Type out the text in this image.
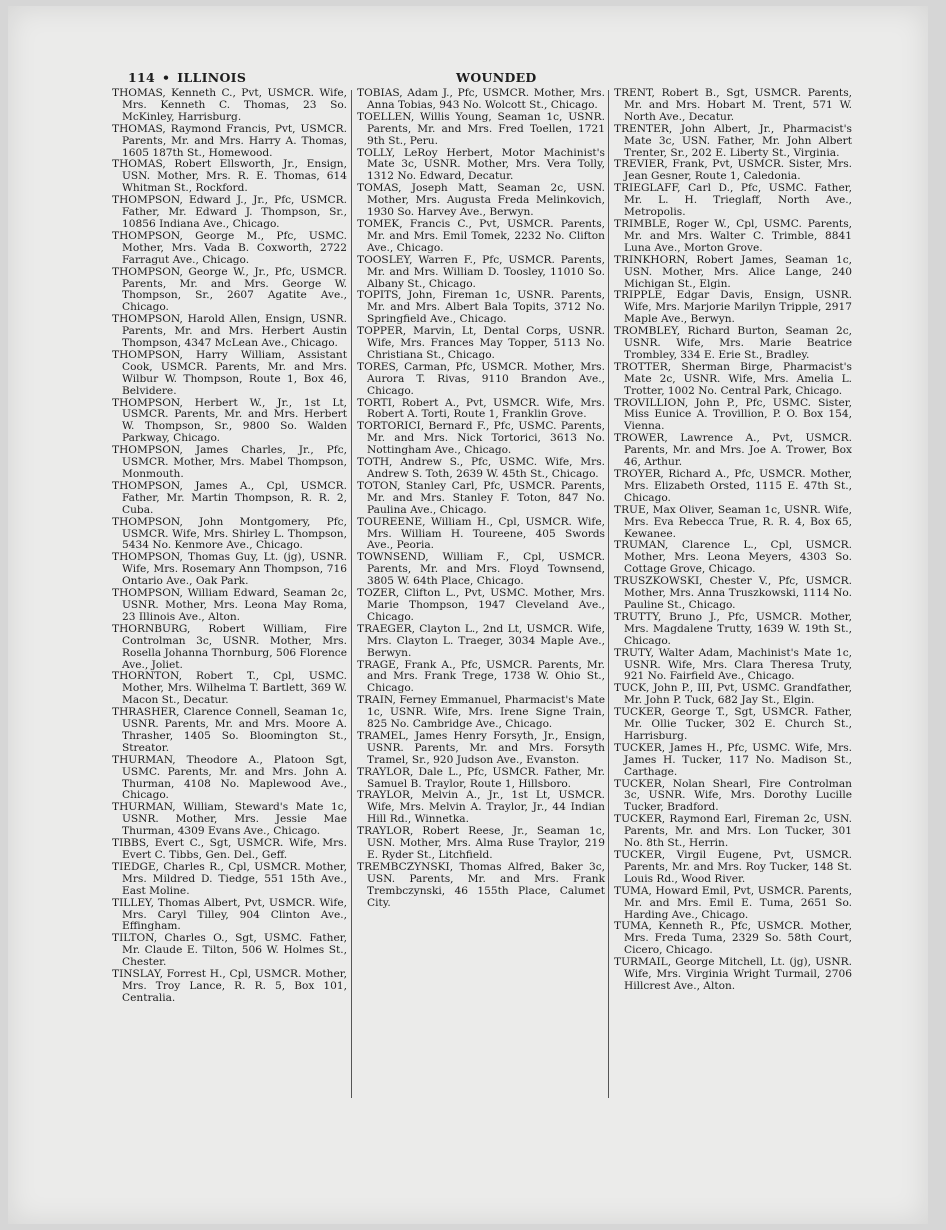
114 • ILLINOIS	WOUNDED

THOMAS, Kenneth C., Pvt, USMCR. Wife, Mrs. Kenneth C. Thomas, 23 So. McKinley, Harrisburg.

THOMAS, Raymond Francis, Pvt, USMCR. Parents, Mr. and Mrs. Harry A. Thomas, 1605 187th St., Homewood.

THOMAS, Robert Ellsworth, Jr., Ensign, USN. Mother, Mrs. R. E. Thomas, 614 Whitman St., Rockford.

THOMPSON, Edward J., Jr., Pfc, USMCR. Father, Mr. Edward J. Thompson, Sr., 10856 Indiana Ave., Chicago.

THOMPSON, George M., Pfc, USMC. Mother, Mrs. Vada B. Coxworth, 2722 Farragut Ave., Chicago.

THOMPSON, George W., Jr., Pfc, USMCR. Parents, Mr. and Mrs. George W. Thompson, Sr., 2607 Agatite Ave., Chicago.

THOMPSON, Harold Allen, Ensign, USNR. Parents, Mr. and Mrs. Herbert Austin Thompson, 4347 McLean Ave., Chicago.

THOMPSON, Harry William, Assistant Cook, USMCR. Parents, Mr. and Mrs. Wilbur W. Thompson, Route 1, Box 46, Belvidere.

THOMPSON, Herbert W., Jr., 1st Lt, USMCR. Parents, Mr. and Mrs. Herbert W. Thompson, Sr., 9800 So. Walden Parkway, Chicago.

THOMPSON, James Charles, Jr., Pfc, USMCR. Mother, Mrs. Mabel Thompson, Monmouth.

THOMPSON, James A., Cpl, USMCR. Father, Mr. Martin Thompson, R. R. 2, Cuba.

THOMPSON, John Montgomery, Pfc, USMCR. Wife, Mrs. Shirley L. Thompson, 5434 No. Kenmore Ave., Chicago.

THOMPSON, Thomas Guy, Lt. (jg), USNR. Wife, Mrs. Rosemary Ann Thompson, 716 Ontario Ave., Oak Park.

THOMPSON, William Edward, Seaman 2c, USNR. Mother, Mrs. Leona May Roma, 23 Illinois Ave., Alton.

THORNBURG, Robert William, Fire Controlman 3c, USNR. Mother, Mrs. Rosella Johanna Thornburg, 506 Florence Ave., Joliet.

THORNTON, Robert T., Cpl, USMC. Mother, Mrs. Wilhelma T. Bartlett, 369 W. Macon St., Decatur.

THRASHER, Clarence Connell, Seaman 1c, USNR. Parents, Mr. and Mrs. Moore A. Thrasher, 1405 So. Bloomington St., Streator.

THURMAN, Theodore A., Platoon Sgt, USMC. Parents, Mr. and Mrs. John A. Thurman, 4108 No. Maplewood Ave., Chicago.

THURMAN, William, Steward's Mate 1c, USNR. Mother, Mrs. Jessie Mae Thurman, 4309 Evans Ave., Chicago.

TIBBS, Evert C., Sgt, USMCR. Wife, Mrs. Evert C. Tibbs, Gen. Del., Geff.

TIEDGE, Charles R., Cpl, USMCR. Mother, Mrs. Mildred D. Tiedge, 551 15th Ave., East Moline.

TILLEY, Thomas Albert, Pvt, USMCR. Wife, Mrs. Caryl Tilley, 904 Clinton Ave., Effingham.

TILTON, Charles O., Sgt, USMC. Father, Mr. Claude E. Tilton, 506 W. Holmes St., Chester.

TINSLAY, Forrest H., Cpl, USMCR. Mother, Mrs. Troy Lance, R. R. 5, Box 101, Centralia.

TOBIAS, Adam J., Pfc, USMCR. Mother, Mrs. Anna Tobias, 943 No. Wolcott St., Chicago.

TOELLEN, Willis Young, Seaman 1c, USNR. Parents, Mr. and Mrs. Fred Toellen, 1721 9th St., Peru.

TOLLY, LeRoy Herbert, Motor Machinist's Mate 3c, USNR. Mother, Mrs. Vera Tolly, 1312 No. Edward, Decatur.

TOMAS, Joseph Matt, Seaman 2c, USN. Mother, Mrs. Augusta Freda Melinkovich, 1930 So. Harvey Ave., Berwyn.

TOMEK, Francis C., Pvt, USMCR. Parents, Mr. and Mrs. Emil Tomek, 2232 No. Clifton Ave., Chicago.

TOOSLEY, Warren F., Pfc, USMCR. Parents, Mr. and Mrs. William D. Toosley, 11010 So. Albany St., Chicago.

TOPITS, John, Fireman 1c, USNR. Parents, Mr. and Mrs. Albert Bala Topits, 3712 No. Springfield Ave., Chicago.

TOPPER, Marvin, Lt, Dental Corps, USNR. Wife, Mrs. Frances May Topper, 5113 No. Christiana St., Chicago.

TORES, Carman, Pfc, USMCR. Mother, Mrs. Aurora T. Rivas, 9110 Brandon Ave., Chicago.

TORTI, Robert A., Pvt, USMCR. Wife, Mrs. Robert A. Torti, Route 1, Franklin Grove.

TORTORICI, Bernard F., Pfc, USMC. Parents, Mr. and Mrs. Nick Tortorici, 3613 No. Nottingham Ave., Chicago.

TOTH, Andrew S., Pfc, USMC. Wife, Mrs. Andrew S. Toth, 2639 W. 45th St., Chicago.

TOTON, Stanley Carl, Pfc, USMCR. Parents, Mr. and Mrs. Stanley F. Toton, 847 No. Paulina Ave., Chicago.

TOUREENE, William H., Cpl, USMCR. Wife, Mrs. William H. Toureene, 405 Swords Ave., Peoria.

TOWNSEND, William F., Cpl, USMCR. Parents, Mr. and Mrs. Floyd Townsend, 3805 W. 64th Place, Chicago.

TOZER, Clifton L., Pvt, USMC. Mother, Mrs. Marie Thompson, 1947 Cleveland Ave., Chicago.

TRAEGER, Clayton L., 2nd Lt, USMCR. Wife, Mrs. Clayton L. Traeger, 3034 Maple Ave., Berwyn.

TRAGE, Frank A., Pfc, USMCR. Parents, Mr. and Mrs. Frank Trege, 1738 W. Ohio St., Chicago.

TRAIN, Ferney Emmanuel, Pharmacist's Mate 1c, USNR. Wife, Mrs. Irene Signe Train, 825 No. Cambridge Ave., Chicago.

TRAMEL, James Henry Forsyth, Jr., Ensign, USNR. Parents, Mr. and Mrs. Forsyth Tramel, Sr., 920 Judson Ave., Evanston.

TRAYLOR, Dale L., Pfc, USMCR. Father, Mr. Samuel B. Traylor, Route 1, Hillsboro.

TRAYLOR, Melvin A., Jr., 1st Lt, USMCR. Wife, Mrs. Melvin A. Traylor, Jr., 44 Indian Hill Rd., Winnetka.

TRAYLOR, Robert Reese, Jr., Seaman 1c, USN. Mother, Mrs. Alma Ruse Traylor, 219 E. Ryder St., Litchfield.

TREMBCZYNSKI, Thomas Alfred, Baker 3c, USN. Parents, Mr. and Mrs. Frank Trembczynski, 46 155th Place, Calumet City.

TRENT, Robert B., Sgt, USMCR. Parents, Mr. and Mrs. Hobart M. Trent, 571 W. North Ave., Decatur.

TRENTER, John Albert, Jr., Pharmacist's Mate 3c, USN. Father, Mr. John Albert Trenter, Sr., 202 E. Liberty St., Virginia.

TREVIER, Frank, Pvt, USMCR. Sister, Mrs. Jean Gesner, Route 1, Caledonia.

TRIEGLAFF, Carl D., Pfc, USMC. Father, Mr. L. H. Trieglaff, North Ave., Metropolis.

TRIMBLE, Roger W., Cpl, USMC. Parents, Mr. and Mrs. Walter C. Trimble, 8841 Luna Ave., Morton Grove.

TRINKHORN, Robert James, Seaman 1c, USN. Mother, Mrs. Alice Lange, 240 Michigan St., Elgin.

TRIPPLE, Edgar Davis, Ensign, USNR. Wife, Mrs. Marjorie Marilyn Tripple, 2917 Maple Ave., Berwyn.

TROMBLEY, Richard Burton, Seaman 2c, USNR. Wife, Mrs. Marie Beatrice Trombley, 334 E. Erie St., Bradley.

TROTTER, Sherman Birge, Pharmacist's Mate 2c, USNR. Wife, Mrs. Amelia L. Trotter, 1002 No. Central Park, Chicago.

TROVILLION, John P., Pfc, USMC. Sister, Miss Eunice A. Trovillion, P. O. Box 154, Vienna.

TROWER, Lawrence A., Pvt, USMCR. Parents, Mr. and Mrs. Joe A. Trower, Box 46, Arthur.

TROYER, Richard A., Pfc, USMCR. Mother, Mrs. Elizabeth Orsted, 1115 E. 47th St., Chicago.

TRUE, Max Oliver, Seaman 1c, USNR. Wife, Mrs. Eva Rebecca True, R. R. 4, Box 65, Kewanee.

TRUMAN, Clarence L., Cpl, USMCR. Mother, Mrs. Leona Meyers, 4303 So. Cottage Grove, Chicago.

TRUSZKOWSKI, Chester V., Pfc, USMCR. Mother, Mrs. Anna Truszkowski, 1114 No. Pauline St., Chicago.

TRUTTY, Bruno J., Pfc, USMCR. Mother, Mrs. Magdalene Trutty, 1639 W. 19th St., Chicago.

TRUTY, Walter Adam, Machinist's Mate 1c, USNR. Wife, Mrs. Clara Theresa Truty, 921 No. Fairfield Ave., Chicago.

TUCK, John P., III, Pvt, USMC. Grandfather, Mr. John P. Tuck, 682 Jay St., Elgin.

TUCKER, George T., Sgt, USMCR. Father, Mr. Ollie Tucker, 302 E. Church St., Harrisburg.

TUCKER, James H., Pfc, USMC. Wife, Mrs. James H. Tucker, 117 No. Madison St., Carthage.

TUCKER, Nolan Shearl, Fire Controlman 3c, USNR. Wife, Mrs. Dorothy Lucille Tucker, Bradford.

TUCKER, Raymond Earl, Fireman 2c, USN. Parents, Mr. and Mrs. Lon Tucker, 301 No. 8th St., Herrin.

TUCKER, Virgil Eugene, Pvt, USMCR. Parents, Mr. and Mrs. Roy Tucker, 148 St. Louis Rd., Wood River.

TUMA, Howard Emil, Pvt, USMCR. Parents, Mr. and Mrs. Emil E. Tuma, 2651 So. Harding Ave., Chicago.

TUMA, Kenneth R., Pfc, USMCR. Mother, Mrs. Freda Tuma, 2329 So. 58th Court, Cicero, Chicago.

TURMAIL, George Mitchell, Lt. (jg), USNR. Wife, Mrs. Virginia Wright Turmail, 2706 Hillcrest Ave., Alton.
